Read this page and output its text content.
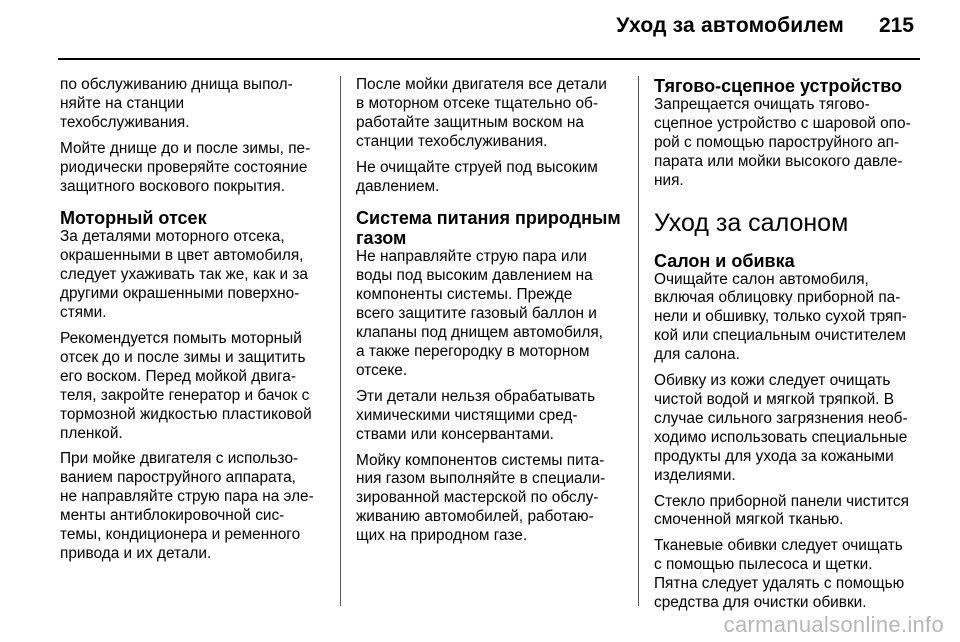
Уход за автомобилем 215

по обслуживанию днища выпол-
няйте на станции
техобслуживания.

Мойте днище до и после зимы, пе-
риодически проверяйте состояние
защитного воскового покрытия.

Моторный отсек

За деталями моторного отсека,
окрашенными в цвет автомобиля,
следует ухаживать так же, как и за
другими окрашенными поверхно-
стями.

Рекомендуется помыть моторный
отсек до и после зимы и защитить
его воском. Перед мойкой двига-
теля, закройте генератор и бачок с
тормозной жидкостью пластиковой
пленкой.

При мойке двигателя с использо-
ванием пароструйного аппарата,
не направляйте струю пара на эле-
менты антиблокировочной сис-
темы, кондиционера и ременного
привода и их детали.

После мойки двигателя все детали
в моторном отсеке тщательно об-
работайте защитным воском на
станции техобслуживания.

Не очищайте струей под высоким
давлением.

Система питания природным
газом

Не направляйте струю пара или
воды под высоким давлением на
компоненты системы. Прежде
всего защитите газовый баллон и
клапаны под днищем автомобиля,
а также перегородку в моторном
отсеке.

Эти детали нельзя обрабатывать
химическими чистящими сред-
ствами или консервантами.

Мойку компонентов системы пита-
ния газом выполняйте в специали-
зированной мастерской по обслу-
живанию автомобилей, работаю-
щих на природном газе.

Тягово-сцепное устройство

Запрещается очищать тягово-
сцепное устройство с шаровой опо-
рой с помощью пароструйного ап-
парата или мойки высокого давле-
ния.

Уход за салоном
Салон и обивка

Очищайте салон автомобиля,
включая облицовку приборной па-
нели и обшивку, только сухой тряп-
кой или специальным очистителем
для салона.

Обивку из кожи следует очищать
чистой водой и мягкой тряпкой. В
случае сильного загрязнения необ-
ходимо использовать специальные
продукты для ухода за кожаными
изделиями.

Стекло приборной панели чистится
смоченной мягкой тканью.

Тканевые обивки следует очищать
с помощью пылесоса и щетки.
Пятна следует удалять с помощью
средства для очистки обивки.

carmanualsonline.info
